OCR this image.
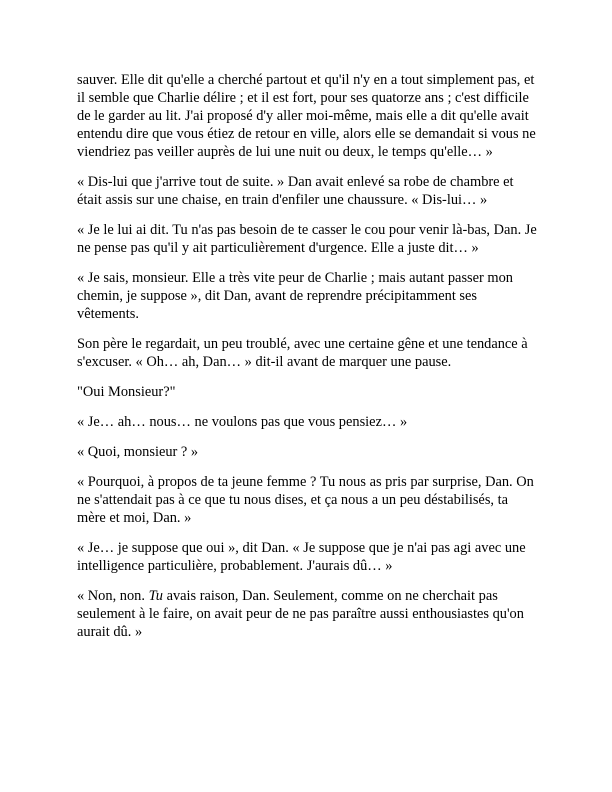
sauver. Elle dit qu'elle a cherché partout et qu'il n'y en a tout simplement pas, et il semble que Charlie délire ; et il est fort, pour ses quatorze ans ; c'est difficile de le garder au lit. J'ai proposé d'y aller moi-même, mais elle a dit qu'elle avait entendu dire que vous étiez de retour en ville, alors elle se demandait si vous ne viendriez pas veiller auprès de lui une nuit ou deux, le temps qu'elle… »

« Dis-lui que j'arrive tout de suite. » Dan avait enlevé sa robe de chambre et était assis sur une chaise, en train d'enfiler une chaussure. « Dis-lui… »

« Je le lui ai dit. Tu n'as pas besoin de te casser le cou pour venir là-bas, Dan. Je ne pense pas qu'il y ait particulièrement d'urgence. Elle a juste dit… »

« Je sais, monsieur. Elle a très vite peur de Charlie ; mais autant passer mon chemin, je suppose », dit Dan, avant de reprendre précipitamment ses vêtements.

Son père le regardait, un peu troublé, avec une certaine gêne et une tendance à s'excuser. « Oh… ah, Dan… » dit-il avant de marquer une pause.

"Oui Monsieur?"

« Je… ah… nous… ne voulons pas que vous pensiez… »

« Quoi, monsieur ? »

« Pourquoi, à propos de ta jeune femme ? Tu nous as pris par surprise, Dan. On ne s'attendait pas à ce que tu nous dises, et ça nous a un peu déstabilisés, ta mère et moi, Dan. »

« Je… je suppose que oui », dit Dan. « Je suppose que je n'ai pas agi avec une intelligence particulière, probablement. J'aurais dû… »

« Non, non. Tu avais raison, Dan. Seulement, comme on ne cherchait pas seulement à le faire, on avait peur de ne pas paraître aussi enthousiastes qu'on aurait dû. »
